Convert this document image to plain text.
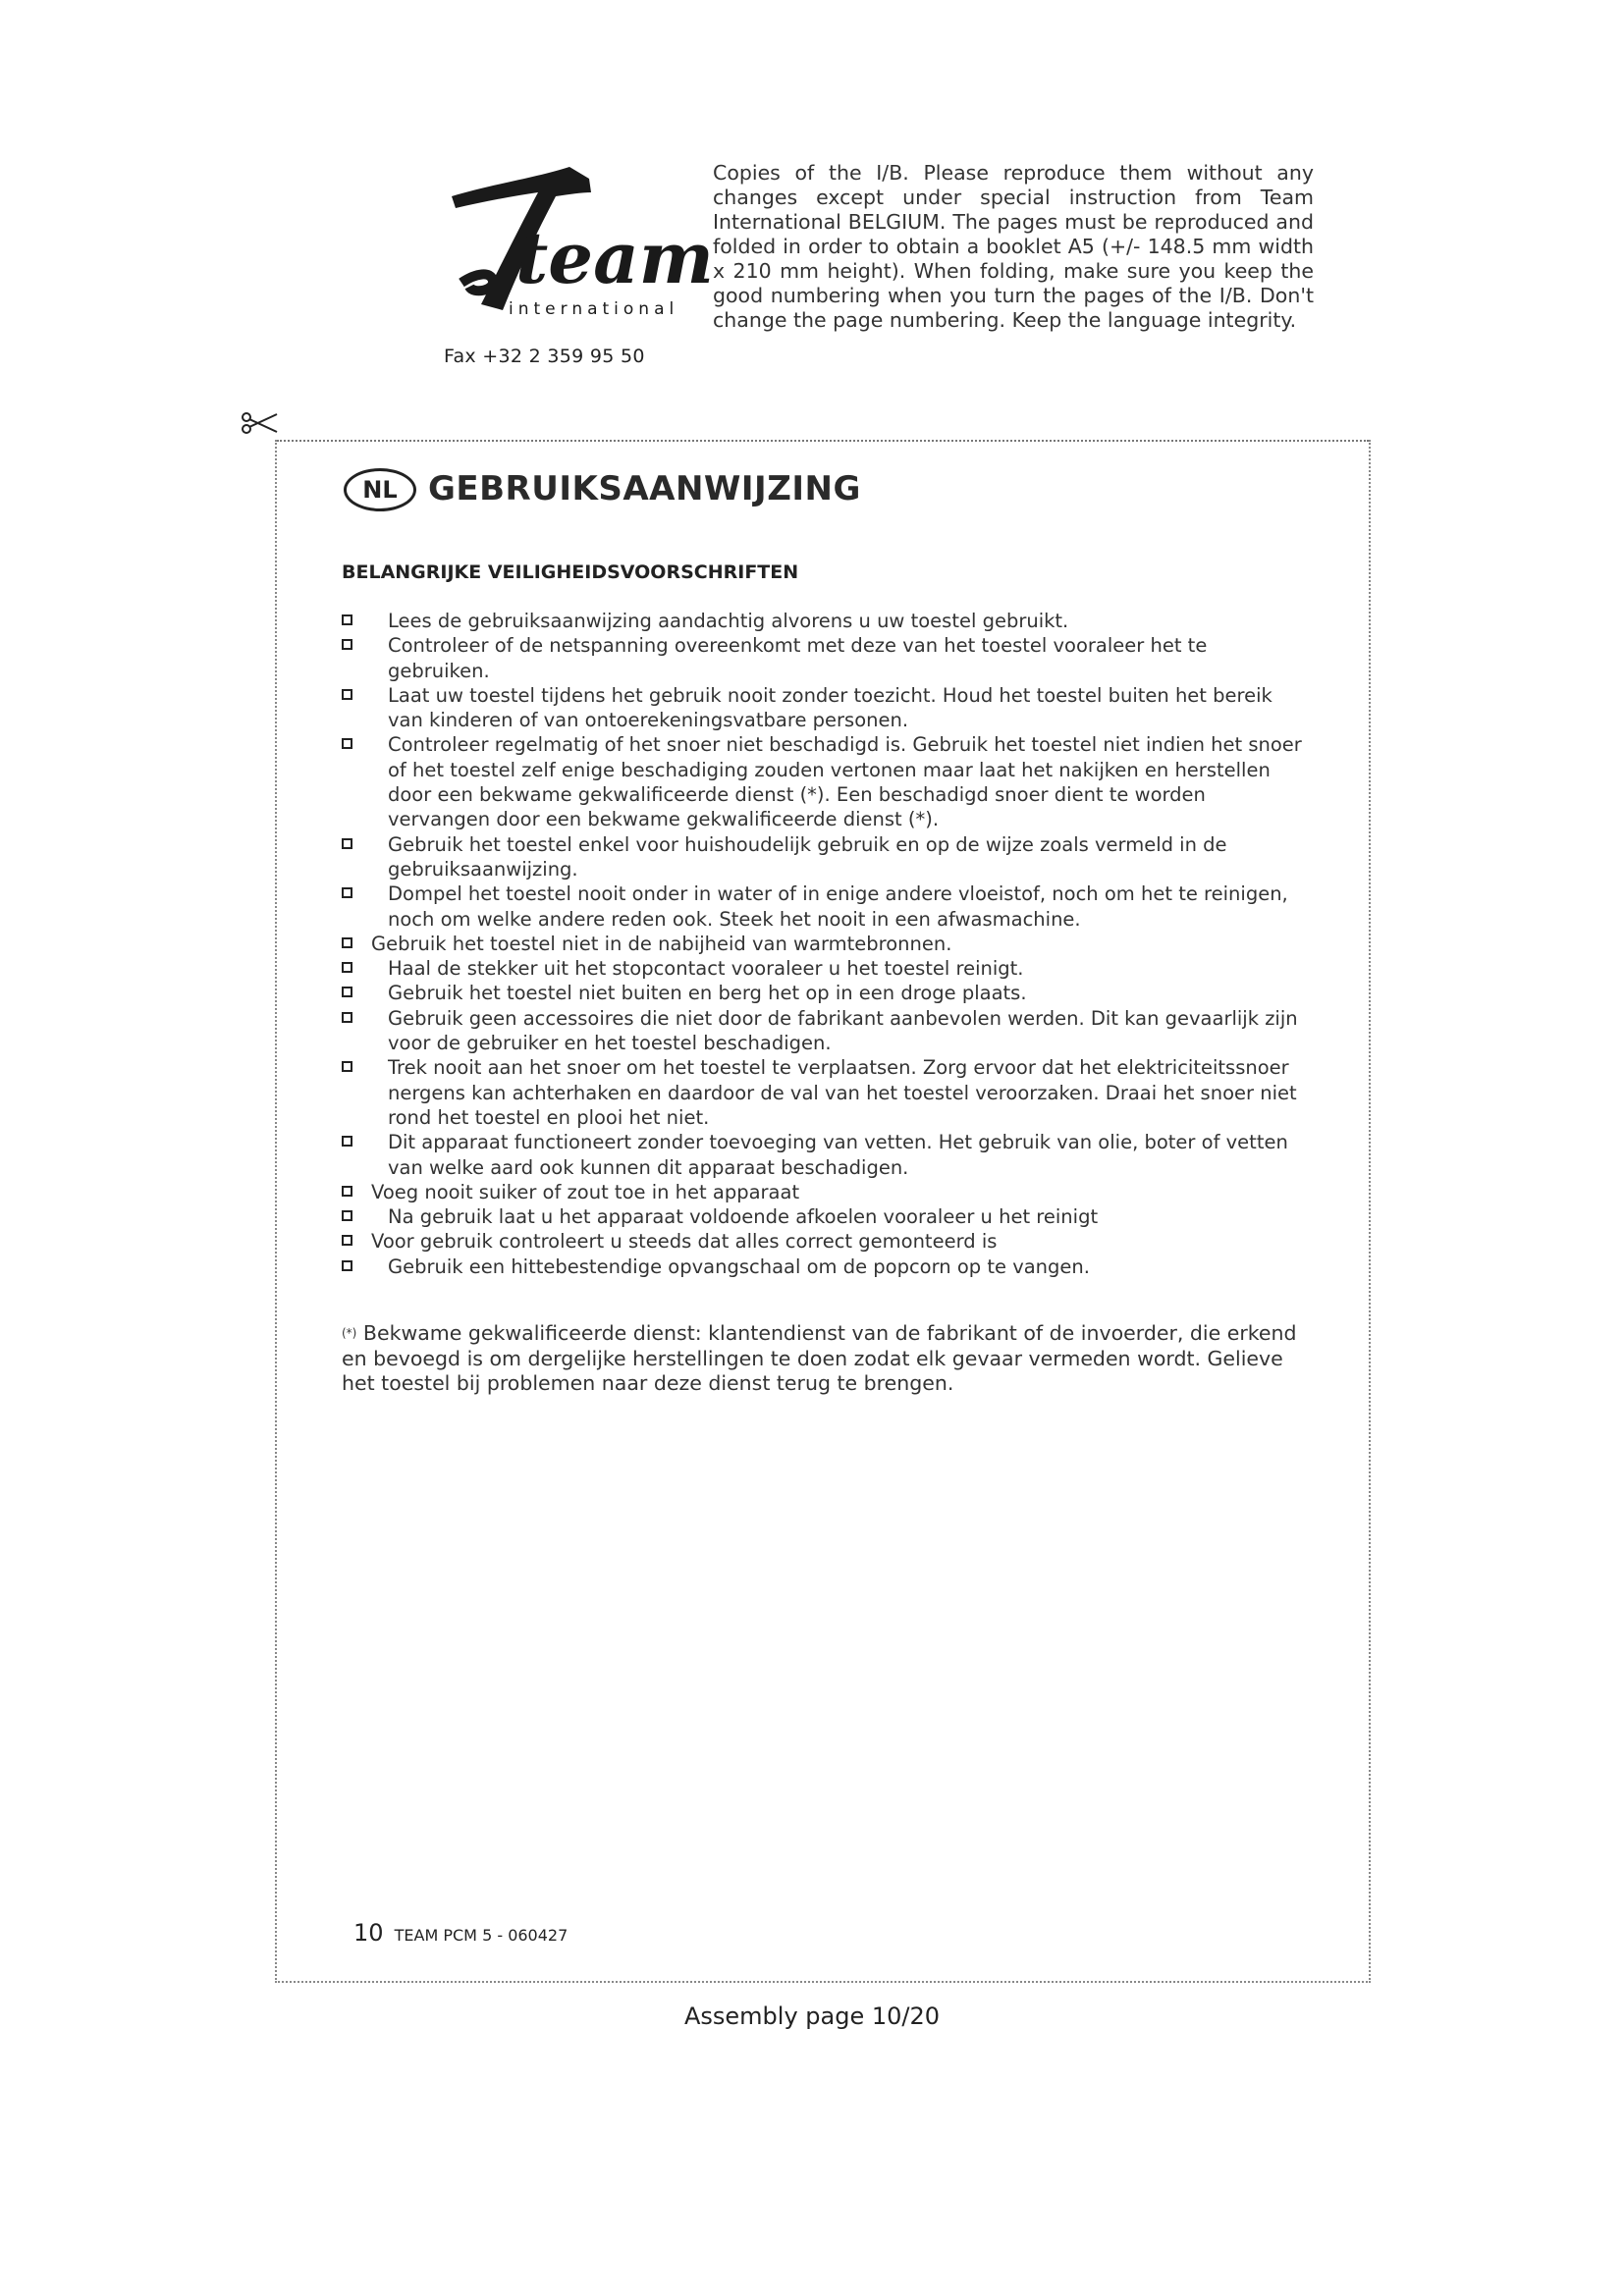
team
international
Fax +32 2 359 95 50
Copies of the I/B. Please reproduce them without any changes except under special instruction from Team International BELGIUM. The pages must be reproduced and folded in order to obtain a booklet A5 (+/- 148.5 mm width x 210 mm height). When folding, make sure you keep the good numbering when you turn the pages of the I/B. Don't change the page numbering. Keep the language integrity.
NL GEBRUIKSAANWIJZING
BELANGRIJKE VEILIGHEIDSVOORSCHRIFTEN
Lees de gebruiksaanwijzing aandachtig alvorens u uw toestel gebruikt.
Controleer of de netspanning overeenkomt met deze van het toestel vooraleer het te gebruiken.
Laat uw toestel tijdens het gebruik nooit zonder toezicht. Houd het toestel buiten het bereik van kinderen of van ontoerekeningsvatbare personen.
Controleer regelmatig of het snoer niet beschadigd is. Gebruik het toestel niet indien het snoer of het toestel zelf enige beschadiging zouden vertonen maar laat het nakijken en herstellen door een bekwame gekwalificeerde dienst (*). Een beschadigd snoer dient te worden vervangen door een bekwame gekwalificeerde dienst (*).
Gebruik het toestel enkel voor huishoudelijk gebruik en op de wijze zoals vermeld in de gebruiksaanwijzing.
Dompel het toestel nooit onder in water of in enige andere vloeistof, noch om het te reinigen, noch om welke andere reden ook. Steek het nooit in een afwasmachine.
Gebruik het toestel niet in de nabijheid van warmtebronnen.
Haal de stekker uit het stopcontact vooraleer u het toestel reinigt.
Gebruik het toestel niet buiten en berg het op in een droge plaats.
Gebruik geen accessoires die niet door de fabrikant aanbevolen werden. Dit kan gevaarlijk zijn voor de gebruiker en het toestel beschadigen.
Trek nooit aan het snoer om het toestel te verplaatsen. Zorg ervoor dat het elektriciteitssnoer nergens kan achterhaken en daardoor de val van het toestel veroorzaken. Draai het snoer niet rond het toestel en plooi het niet.
Dit apparaat functioneert zonder toevoeging van vetten. Het gebruik van olie, boter of vetten van welke aard ook kunnen dit apparaat beschadigen.
Voeg nooit suiker of zout toe in het apparaat
Na gebruik laat u het apparaat voldoende afkoelen vooraleer u het reinigt
Voor gebruik controleert u steeds dat alles correct gemonteerd is
Gebruik een hittebestendige opvangschaal om de popcorn op te vangen.
(*) Bekwame gekwalificeerde dienst: klantendienst van de fabrikant of de invoerder, die erkend en bevoegd is om dergelijke herstellingen te doen zodat elk gevaar vermeden wordt. Gelieve het toestel bij problemen naar deze dienst terug te brengen.
10 TEAM PCM 5 - 060427
Assembly page 10/20
